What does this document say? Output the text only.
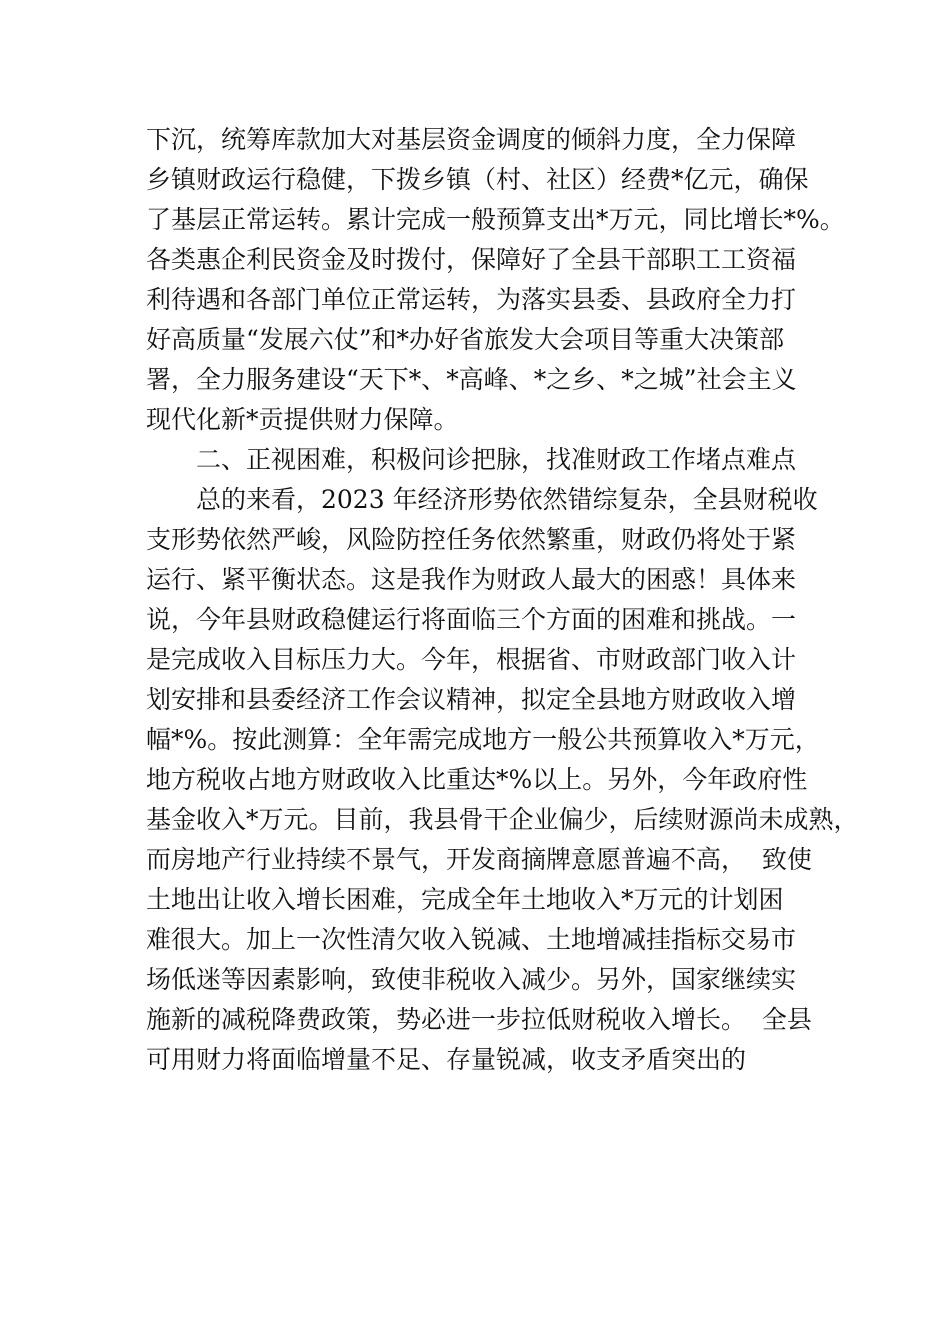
下沉，统筹库款加大对基层资金调度的倾斜力度，全力保障
乡镇财政运行稳健，下拨乡镇（村、社区）经费*亿元，确保
了基层正常运转。累计完成一般预算支出*万元，同比增长*%。
各类惠企利民资金及时拨付，保障好了全县干部职工工资福
利待遇和各部门单位正常运转，为落实县委、县政府全力打
好高质量“发展六仗”和*办好省旅发大会项目等重大决策部
署，全力服务建设“天下*、*高峰、*之乡、*之城”社会主义
现代化新*贡提供财力保障。
二、正视困难，积极问诊把脉，找准财政工作堵点难点
总的来看，2023 年经济形势依然错综复杂，全县财税收
支形势依然严峻，风险防控任务依然繁重，财政仍将处于紧
运行、紧平衡状态。这是我作为财政人最大的困惑！具体来
说，今年县财政稳健运行将面临三个方面的困难和挑战。一
是完成收入目标压力大。今年，根据省、市财政部门收入计
划安排和县委经济工作会议精神，拟定全县地方财政收入增
幅*%。按此测算：全年需完成地方一般公共预算收入*万元，
地方税收占地方财政收入比重达*%以上。另外，今年政府性
基金收入*万元。目前，我县骨干企业偏少，后续财源尚未成熟，
而房地产行业持续不景气，开发商摘牌意愿普遍不高，  致使
土地出让收入增长困难，完成全年土地收入*万元的计划困
难很大。加上一次性清欠收入锐减、土地增减挂指标交易市
场低迷等因素影响，致使非税收入减少。另外，国家继续实
施新的减税降费政策，势必进一步拉低财税收入增长。  全县
可用财力将面临增量不足、存量锐减，收支矛盾突出的
